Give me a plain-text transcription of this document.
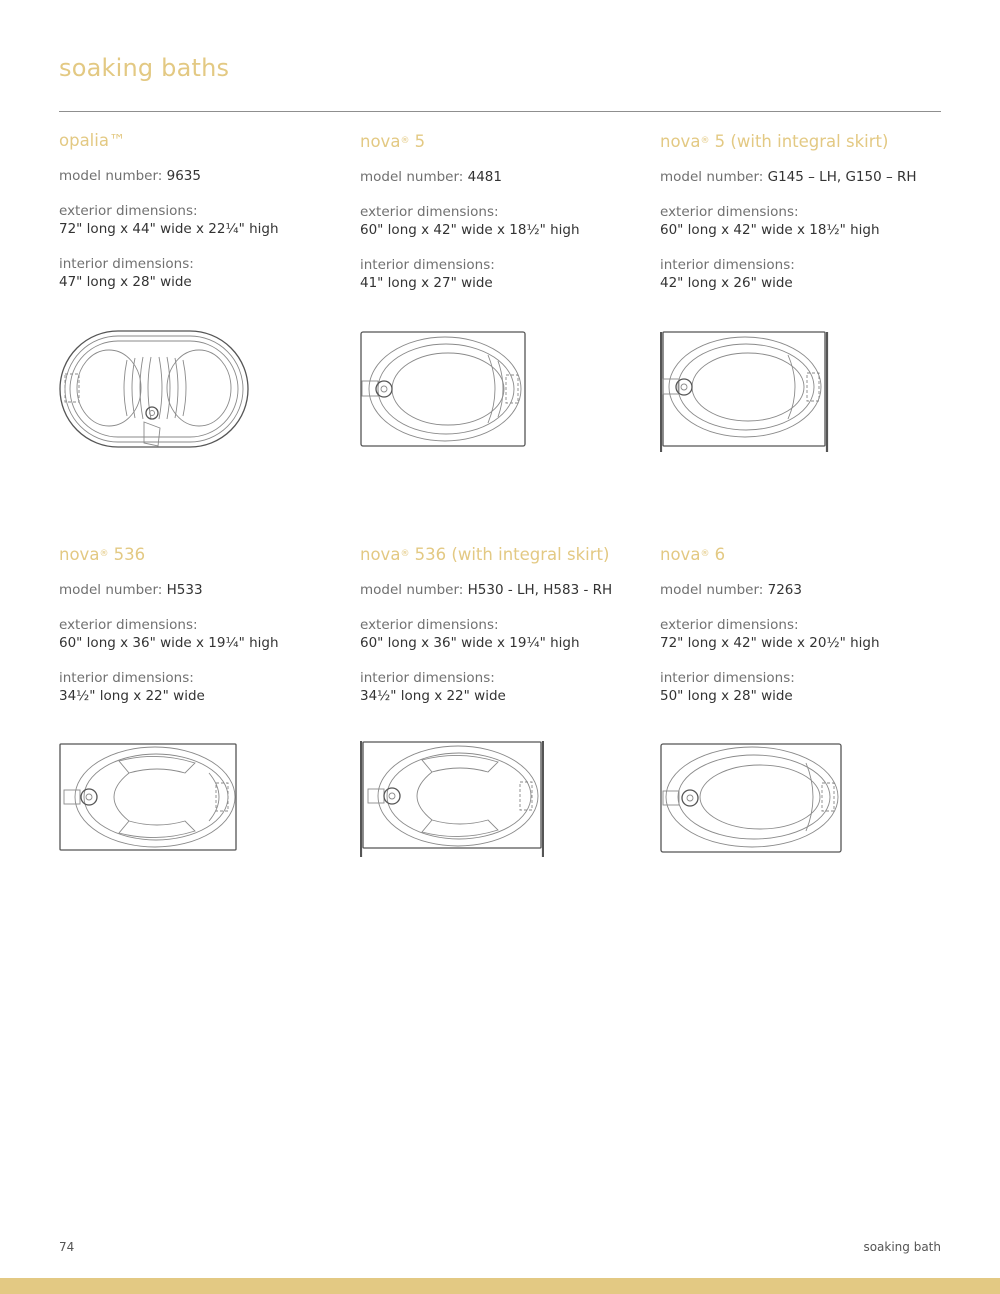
soaking baths
opalia™
model number: 9635
exterior dimensions:
72" long x 44" wide x 22¼" high
interior dimensions:
47" long x 28" wide
nova® 5
model number: 4481
exterior dimensions:
60" long x 42" wide x 18½" high
interior dimensions:
41" long x 27" wide
nova® 5 (with integral skirt)
model number: G145 – LH, G150 – RH
exterior dimensions:
60" long x 42" wide x 18½" high
interior dimensions:
42" long x 26" wide
nova® 536
model number: H533
exterior dimensions:
60" long x 36" wide x 19¼" high
interior dimensions:
34½" long x 22" wide
nova® 536 (with integral skirt)
model number: H530 - LH, H583 - RH
exterior dimensions:
60" long x 36" wide x 19¼" high
interior dimensions:
34½" long x 22" wide
nova® 6
model number: 7263
exterior dimensions:
72" long x 42" wide x 20½" high
interior dimensions:
50" long x 28" wide
74	soaking bath
